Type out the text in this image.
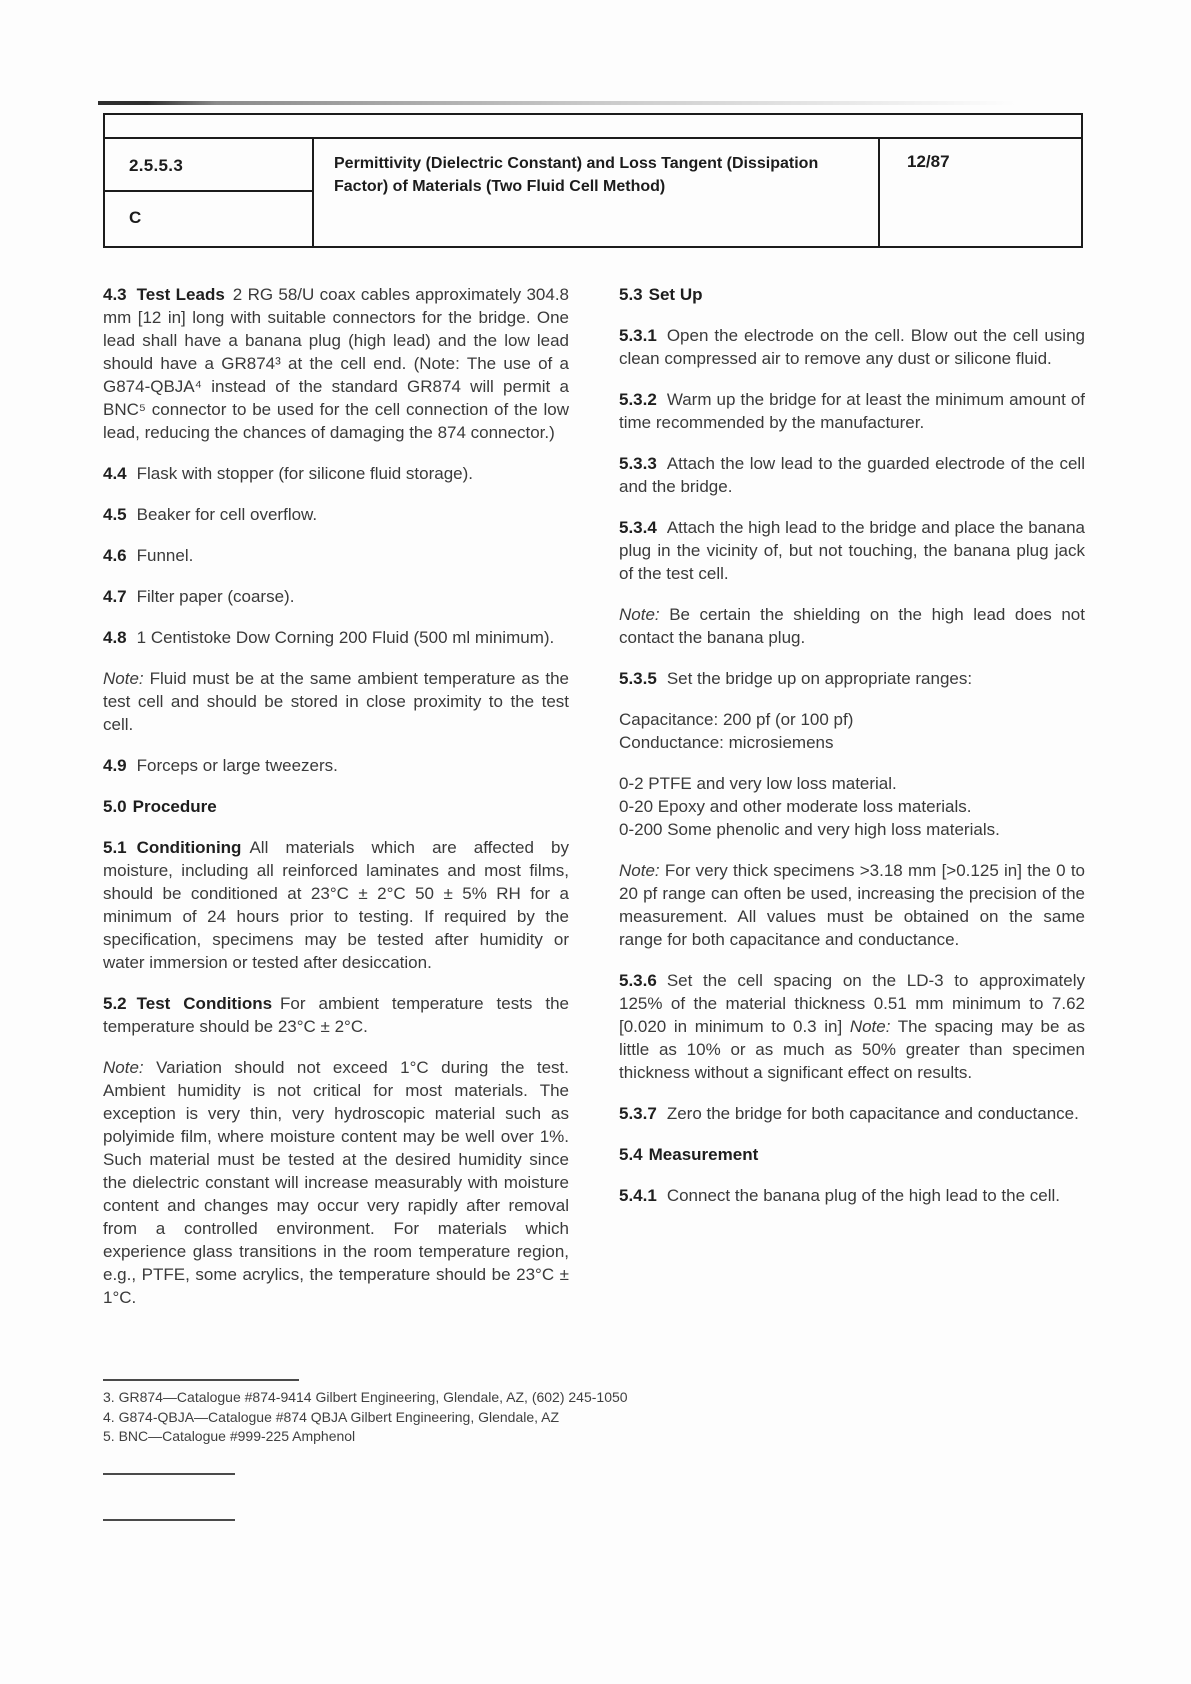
2.5.5.3
C
Permittivity (Dielectric Constant) and Loss Tangent (Dissipation Factor) of Materials (Two Fluid Cell Method)
12/87

4.3 Test Leads 2 RG 58/U coax cables approximately 304.8 mm [12 in] long with suitable connectors for the bridge. One lead shall have a banana plug (high lead) and the low lead should have a GR874³ at the cell end. (Note: The use of a G874-QBJA⁴ instead of the standard GR874 will permit a BNC⁵ connector to be used for the cell connection of the low lead, reducing the chances of damaging the 874 connector.)

4.4 Flask with stopper (for silicone fluid storage).

4.5 Beaker for cell overflow.

4.6 Funnel.

4.7 Filter paper (coarse).

4.8 1 Centistoke Dow Corning 200 Fluid (500 ml minimum).

Note: Fluid must be at the same ambient temperature as the test cell and should be stored in close proximity to the test cell.

4.9 Forceps or large tweezers.

5.0 Procedure

5.1 Conditioning All materials which are affected by moisture, including all reinforced laminates and most films, should be conditioned at 23°C ± 2°C 50 ± 5% RH for a minimum of 24 hours prior to testing. If required by the specification, specimens may be tested after humidity or water immersion or tested after desiccation.

5.2 Test Conditions For ambient temperature tests the temperature should be 23°C ± 2°C.

Note: Variation should not exceed 1°C during the test. Ambient humidity is not critical for most materials. The exception is very thin, very hydroscopic material such as polyimide film, where moisture content may be well over 1%. Such material must be tested at the desired humidity since the dielectric constant will increase measurably with moisture content and changes may occur very rapidly after removal from a controlled environment. For materials which experience glass transitions in the room temperature region, e.g., PTFE, some acrylics, the temperature should be 23°C ± 1°C.

5.3 Set Up

5.3.1 Open the electrode on the cell. Blow out the cell using clean compressed air to remove any dust or silicone fluid.

5.3.2 Warm up the bridge for at least the minimum amount of time recommended by the manufacturer.

5.3.3 Attach the low lead to the guarded electrode of the cell and the bridge.

5.3.4 Attach the high lead to the bridge and place the banana plug in the vicinity of, but not touching, the banana plug jack of the test cell.

Note: Be certain the shielding on the high lead does not contact the banana plug.

5.3.5 Set the bridge up on appropriate ranges:

Capacitance: 200 pf (or 100 pf)
Conductance: microsiemens
0-2 PTFE and very low loss material.
0-20 Epoxy and other moderate loss materials.
0-200 Some phenolic and very high loss materials.

Note: For very thick specimens >3.18 mm [>0.125 in] the 0 to 20 pf range can often be used, increasing the precision of the measurement. All values must be obtained on the same range for both capacitance and conductance.

5.3.6 Set the cell spacing on the LD-3 to approximately 125% of the material thickness 0.51 mm minimum to 7.62 [0.020 in minimum to 0.3 in] Note: The spacing may be as little as 10% or as much as 50% greater than specimen thickness without a significant effect on results.

5.3.7 Zero the bridge for both capacitance and conductance.

5.4 Measurement

5.4.1 Connect the banana plug of the high lead to the cell.

3. GR874—Catalogue #874-9414 Gilbert Engineering, Glendale, AZ, (602) 245-1050
4. G874-QBJA—Catalogue #874 QBJA Gilbert Engineering, Glendale, AZ
5. BNC—Catalogue #999-225 Amphenol
